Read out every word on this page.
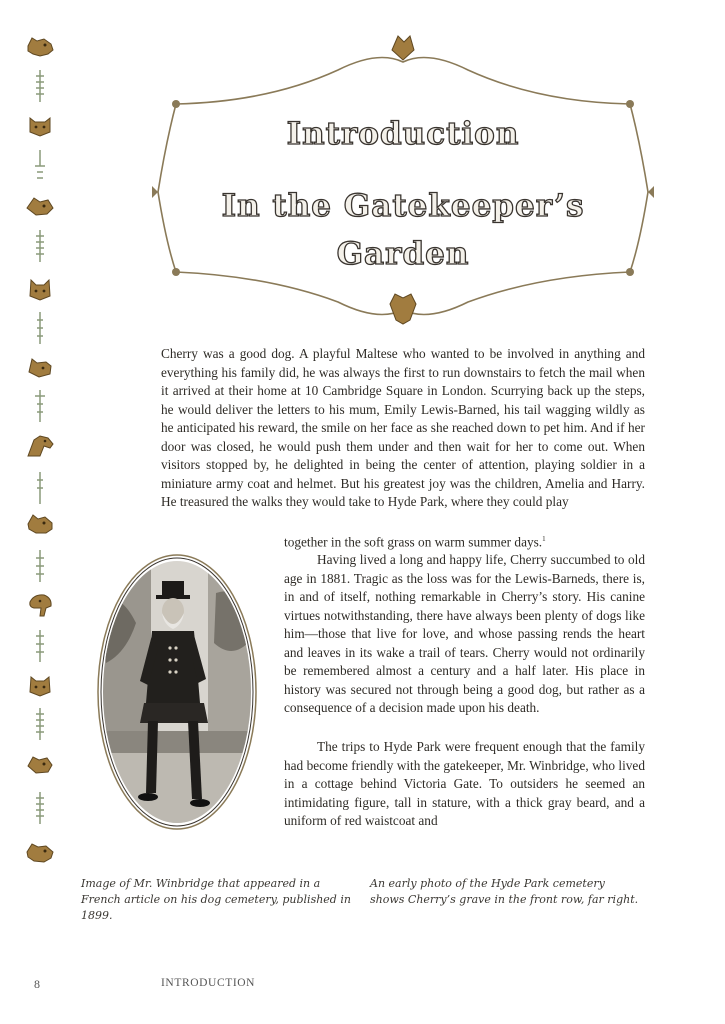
Introduction
In the Gatekeeper’s
Garden
Cherry was a good dog. A playful Maltese who wanted to be involved in anything and everything his family did, he was always the first to run downstairs to fetch the mail when it arrived at their home at 10 Cambridge Square in London. Scurrying back up the steps, he would deliver the letters to his mum, Emily Lewis-Barned, his tail wagging wildly as he anticipated his reward, the smile on her face as she reached down to pet him. And if her door was closed, he would push them under and then wait for her to come out. When visitors stopped by, he delighted in being the center of attention, playing soldier in a miniature army coat and helmet. But his greatest joy was the children, Amelia and Harry. He treasured the walks they would take to Hyde Park, where they could play
together in the soft grass on warm summer days.$^1$
Having lived a long and happy life, Cherry succumbed to old age in 1881. Tragic as the loss was for the Lewis-Barneds, there is, in and of itself, nothing remarkable in Cherry’s story. His canine virtues notwithstanding, there have always been plenty of dogs like him—those that live for love, and whose passing rends the heart and leaves in its wake a trail of tears. Cherry would not ordinarily be remembered almost a century and a half later. His place in history was secured not through being a good dog, but rather as a consequence of a decision made upon his death.
The trips to Hyde Park were frequent enough that the family had become friendly with the gatekeeper, Mr. Winbridge, who lived in a cottage behind Victoria Gate. To outsiders he seemed an intimidating figure, tall in stature, with a thick gray beard, and a uniform of red waistcoat and
Image of Mr. Winbridge that appeared in a French article on his dog cemetery, published in 1899.
An early photo of the Hyde Park cemetery shows Cherry’s grave in the front row, far right.
8	INTRODUCTION
